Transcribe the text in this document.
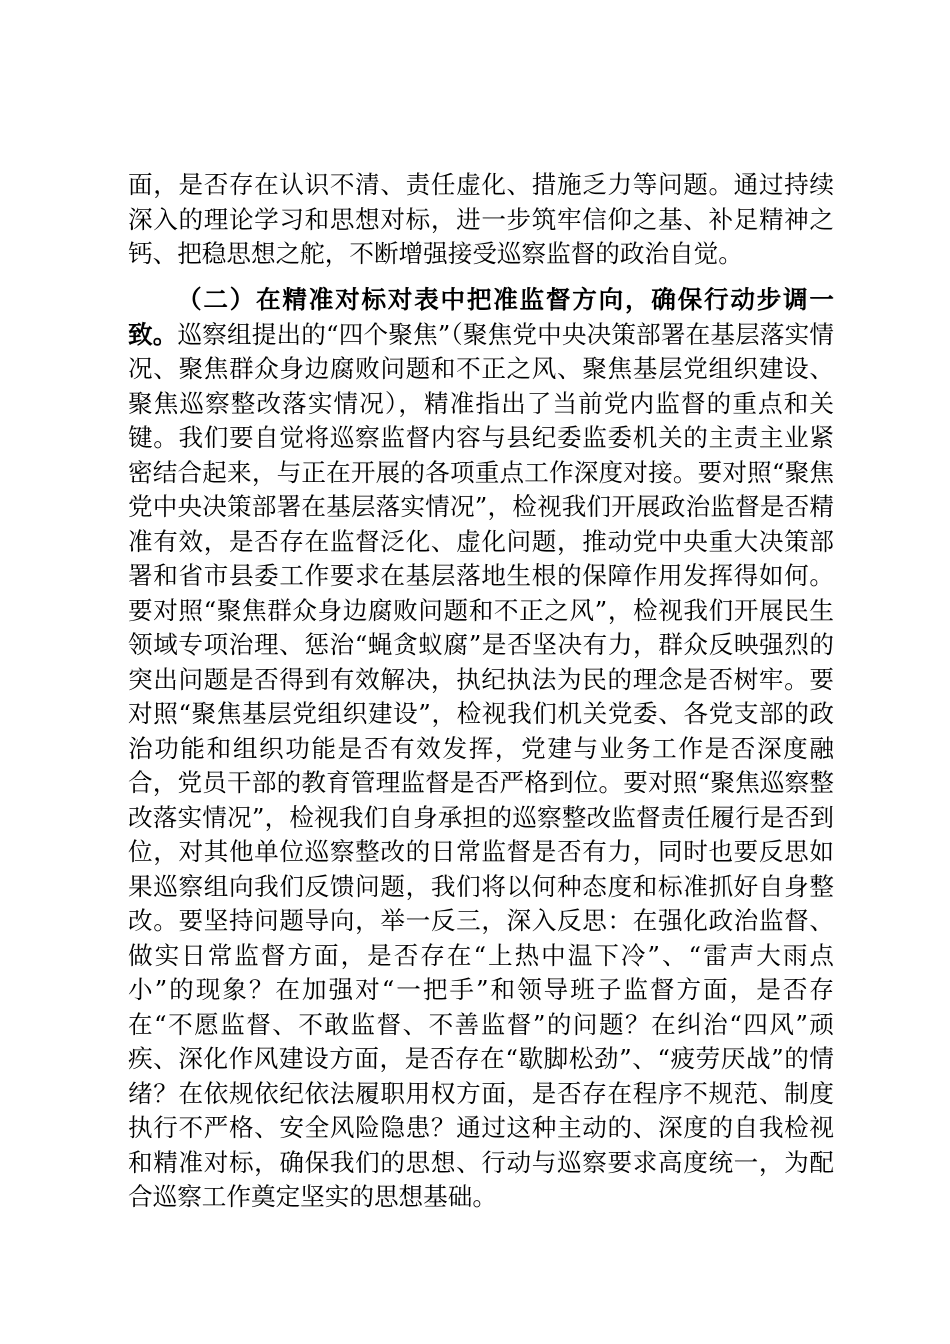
面，是否存在认识不清、责任虚化、措施乏力等问题。通过持续深入的理论学习和思想对标，进一步筑牢信仰之基、补足精神之钙、把稳思想之舵，不断增强接受巡察监督的政治自觉。

（二）在精准对标对表中把准监督方向，确保行动步调一致。巡察组提出的“四个聚焦”（聚焦党中央决策部署在基层落实情况、聚焦群众身边腐败问题和不正之风、聚焦基层党组织建设、聚焦巡察整改落实情况），精准指出了当前党内监督的重点和关键。我们要自觉将巡察监督内容与县纪委监委机关的主责主业紧密结合起来，与正在开展的各项重点工作深度对接。要对照“聚焦党中央决策部署在基层落实情况”，检视我们开展政治监督是否精准有效，是否存在监督泛化、虚化问题，推动党中央重大决策部署和省市县委工作要求在基层落地生根的保障作用发挥得如何。要对照“聚焦群众身边腐败问题和不正之风”，检视我们开展民生领域专项治理、惩治“蝇贪蚁腐”是否坚决有力，群众反映强烈的突出问题是否得到有效解决，执纪执法为民的理念是否树牢。要对照“聚焦基层党组织建设”，检视我们机关党委、各党支部的政治功能和组织功能是否有效发挥，党建与业务工作是否深度融合，党员干部的教育管理监督是否严格到位。要对照“聚焦巡察整改落实情况”，检视我们自身承担的巡察整改监督责任履行是否到位，对其他单位巡察整改的日常监督是否有力，同时也要反思如果巡察组向我们反馈问题，我们将以何种态度和标准抓好自身整改。要坚持问题导向，举一反三，深入反思：在强化政治监督、做实日常监督方面，是否存在“上热中温下冷”、“雷声大雨点小”的现象？在加强对“一把手”和领导班子监督方面，是否存在“不愿监督、不敢监督、不善监督”的问题？在纠治“四风”顽疾、深化作风建设方面，是否存在“歇脚松劲”、“疲劳厌战”的情绪？在依规依纪依法履职用权方面，是否存在程序不规范、制度执行不严格、安全风险隐患？通过这种主动的、深度的自我检视和精准对标，确保我们的思想、行动与巡察要求高度统一，为配合巡察工作奠定坚实的思想基础。
